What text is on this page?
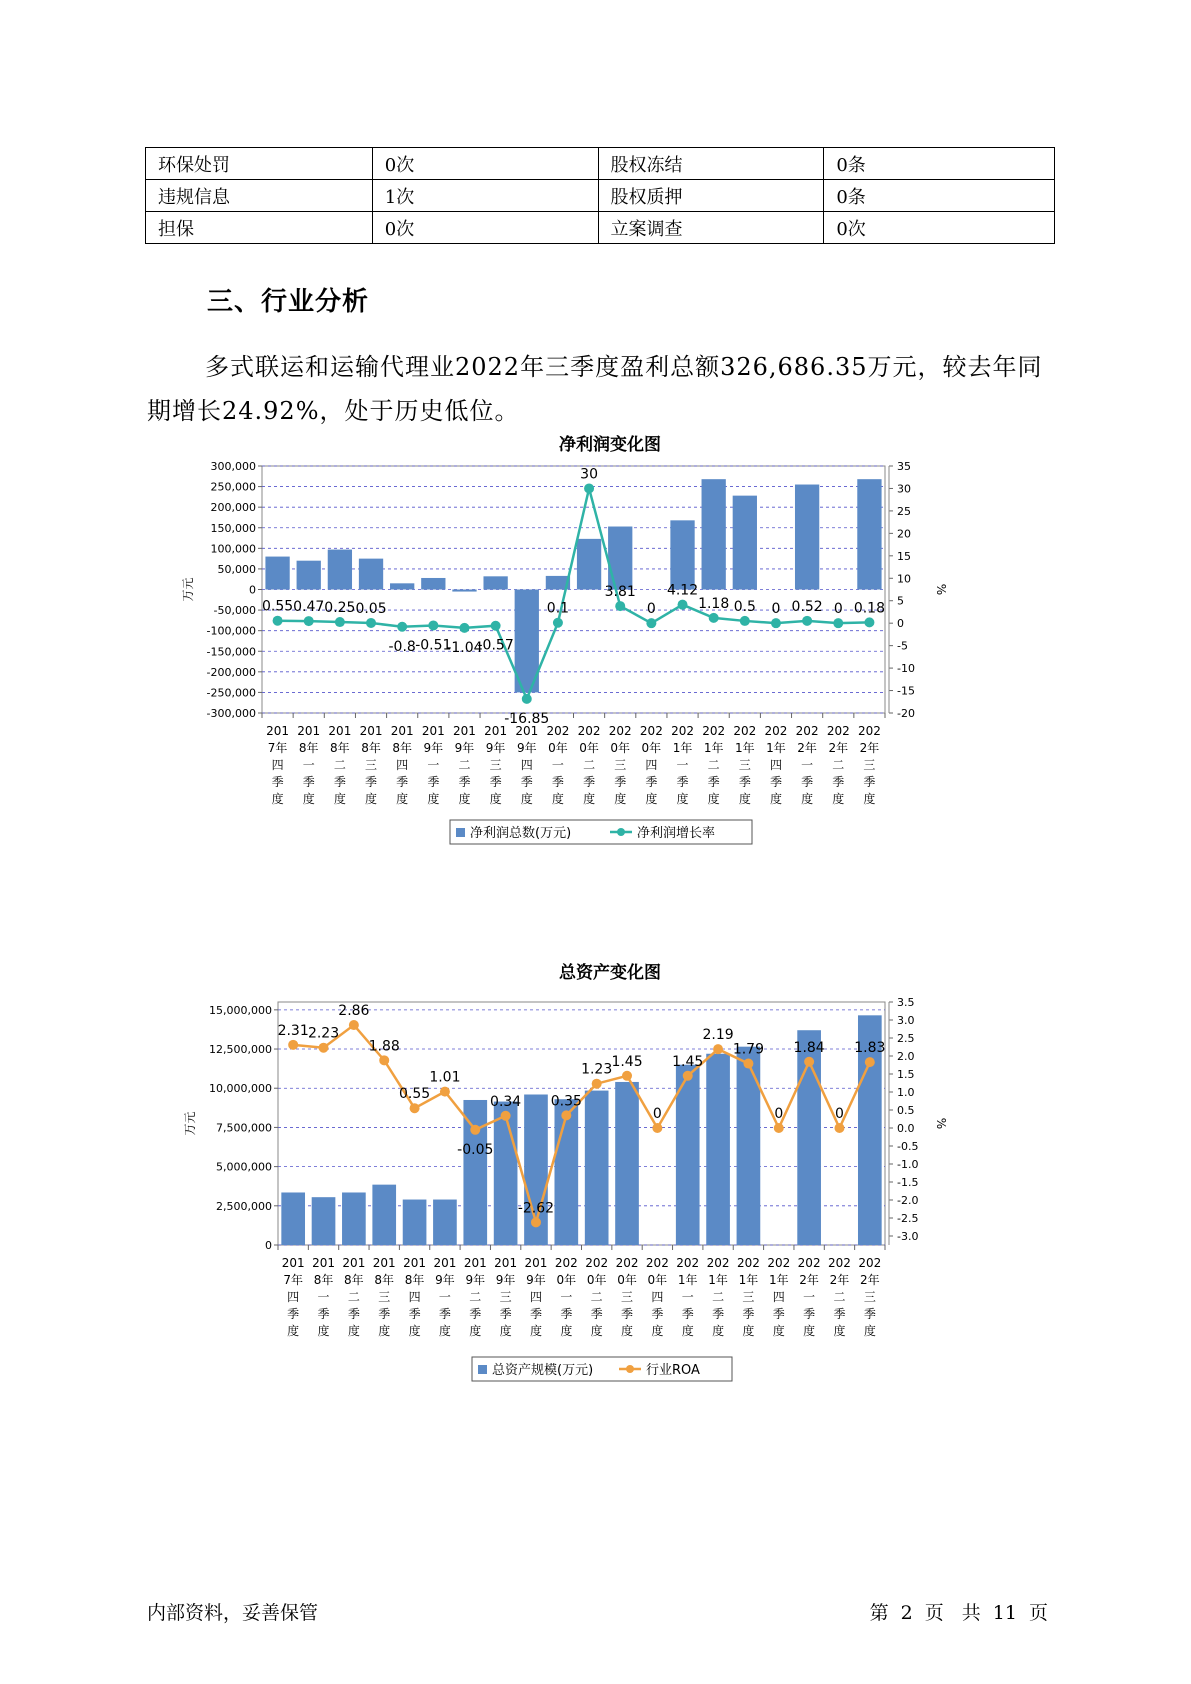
环保处罚	0次	股权冻结	0条
违规信息	1次	股权质押	0条
担保	0次	立案调查	0次
三、行业分析
多式联运和运输代理业2022年三季度盈利总额326,686.35万元，较去年同期增长24.92%，处于历史低位。
净利润变化图
300,000
250,000
200,000
150,000
100,000
50,000
0
-50,000
-100,000
-150,000
-200,000
-250,000
-300,000
35
30
25
20
15
10
5
0
-5
-10
-15
-20
万元	%
201 7年四季度
201 8年一季度
201 8年二季度
201 8年三季度
201 8年四季度
201 9年一季度
201 9年二季度
201 9年三季度
201 9年四季度
202 0年一季度
202 0年二季度
202 0年三季度
202 0年四季度
202 1年一季度
202 1年二季度
202 1年三季度
202 1年四季度
202 2年一季度
202 2年二季度
202 2年三季度
0.55 0.47 0.25 0.05
-0.8 -0.51
-1.04
-0.57
-16.85
0.1
30
3.81
0
4.12
1.18 0.5 0 0.52 0 0.18
净利润总数(万元)	净利润增长率
总资产变化图
15,000,000
12,500,000
10,000,000
7,500,000
5,000,000
2,500,000
0
3.5
3.0
2.5
2.0
1.5
1.0
0.5
0.0
-0.5
-1.0
-1.5
-2.0
-2.5
-3.0
万元	%
201 7年四季度
201 8年一季度
201 8年二季度
201 8年三季度
201 8年四季度
201 9年一季度
201 9年二季度
201 9年三季度
201 9年四季度
202 0年一季度
202 0年二季度
202 0年三季度
202 0年四季度
202 1年一季度
202 1年二季度
202 1年三季度
202 1年四季度
202 2年一季度
202 2年二季度
202 2年三季度
2.31 2.23
2.86
1.88
0.55
1.01
-0.05
0.34
-2.62
0.35
1.23 1.45
0
1.45
2.19
1.79
0
1.84
0
1.83
总资产规模(万元)	行业ROA
内部资料，妥善保管	第 2 页 共 11 页
